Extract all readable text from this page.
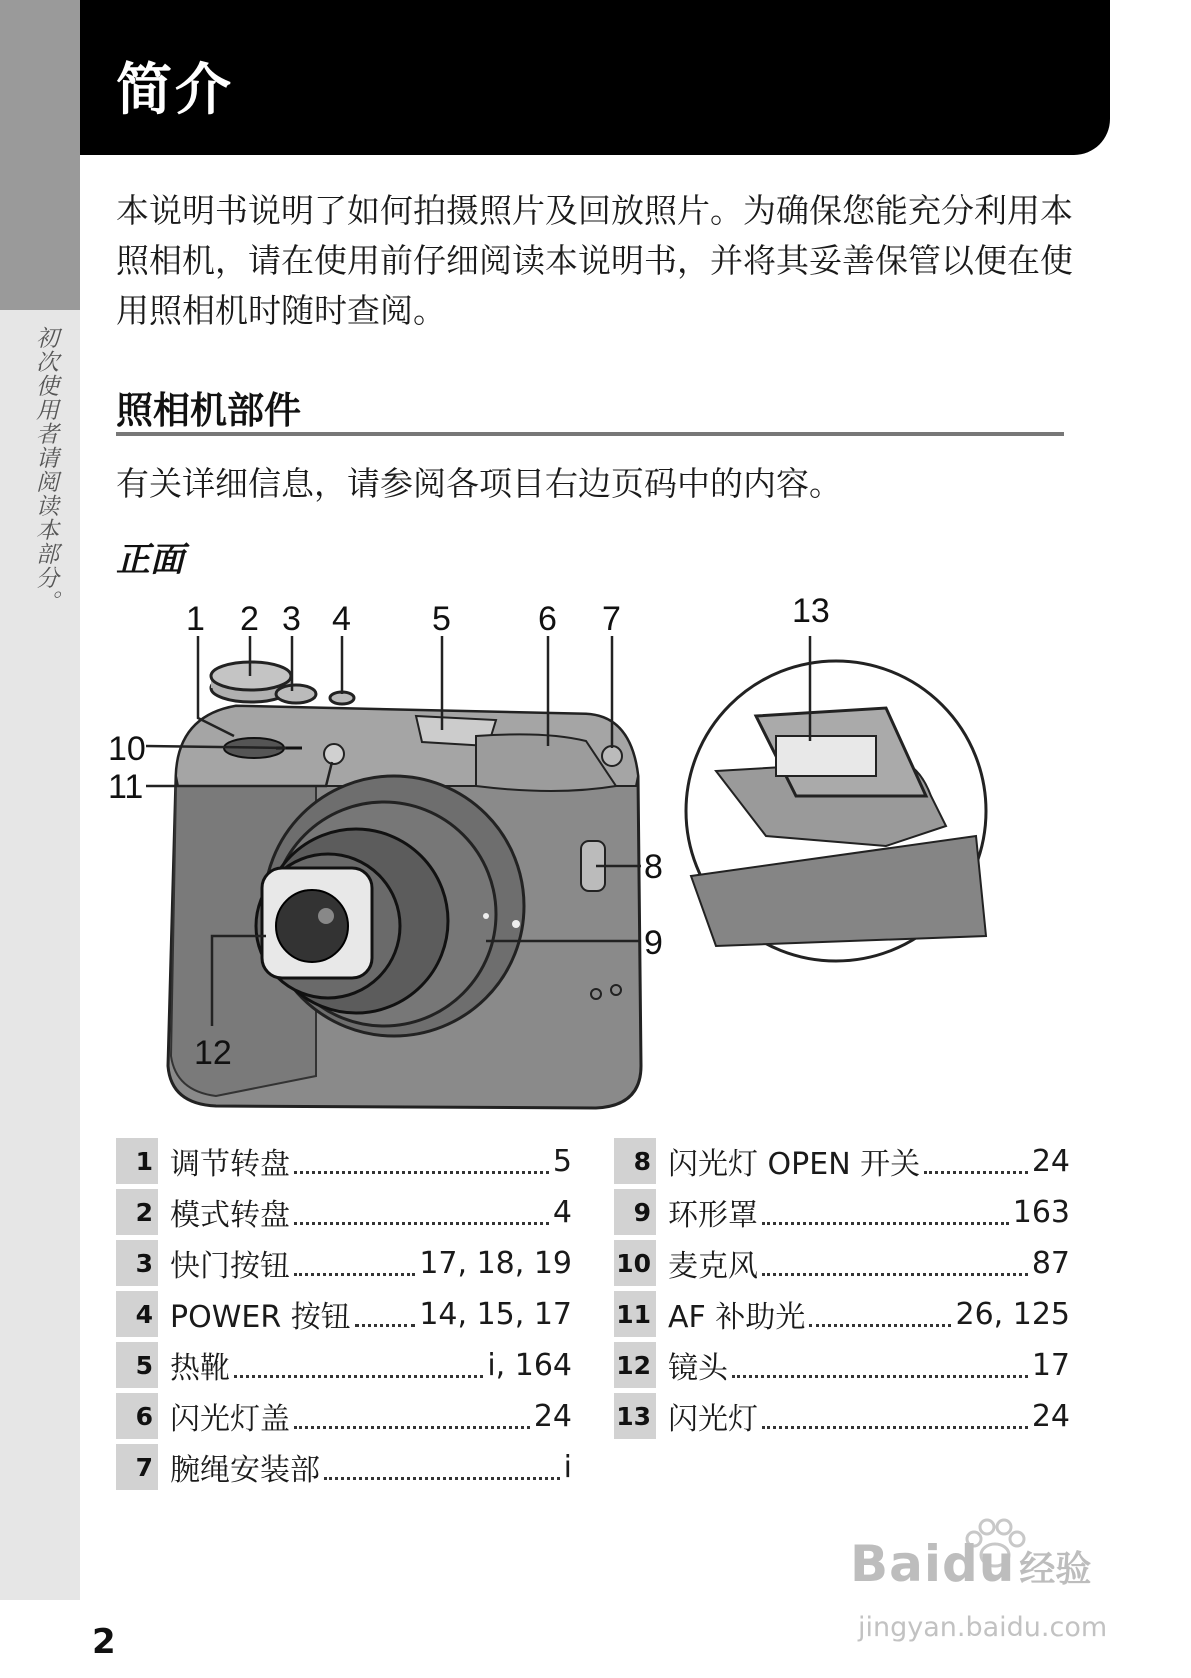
初次使用者请阅读本部分。
简介
本说明书说明了如何拍摄照片及回放照片。为确保您能充分利用本照相机，请在使用前仔细阅读本说明书，并将其妥善保管以便在使用照相机时随时查阅。
照相机部件
有关详细信息，请参阅各项目右边页码中的内容。
正面
1 2 3 4 5	6 7
8
9
10
11
12
13
1 调节转盘	5
2 模式转盘	4
3 快门按钮	17, 18, 19
4 POWER 按钮 14, 15, 17
5 热靴	i, 164
6 闪光灯盖	24
7 腕绳安装部	i
8 闪光灯 OPEN 开关	24
9 环形罩	163
10 麦克风	87
11 AF 补助光	26, 125
12 镜头	17
13 闪光灯	24
2
Baidu 经验
jingyan.baidu.com
